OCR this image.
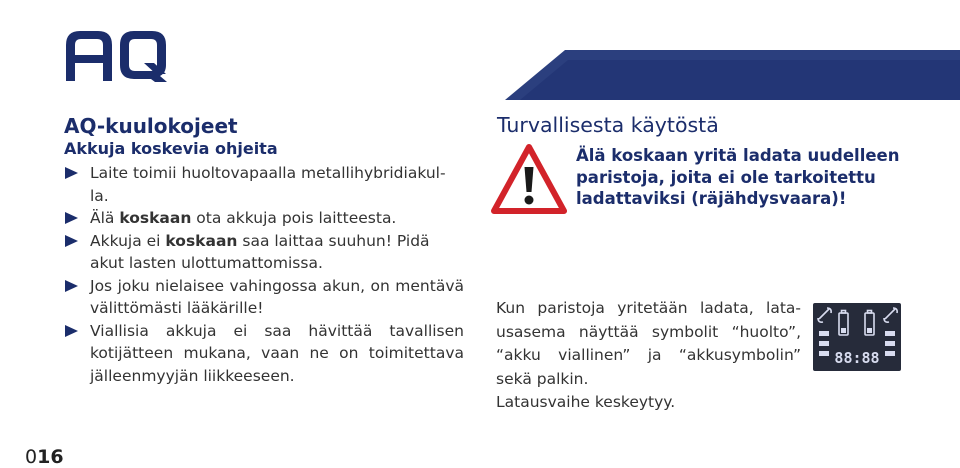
AQ-kuulokojeet
Akkuja koskevia ohjeita
Laite toimii huoltovapaalla metallihybridiakul-
la.
Älä koskaan ota akkuja pois laitteesta.
Akkuja ei koskaan saa laittaa suuhun! Pidä akut lasten ulottumattomissa.
Jos joku nielaisee vahingossa akun, on mentävä välittömästi lääkärille!
Viallisia akkuja ei saa hävittää tavallisen kotijätteen mukana, vaan ne on toimitettava jälleenmyyjän liikkeeseen.
Turvallisesta käytöstä
Älä koskaan yritä ladata uudelleen paristoja, joita ei ole tarkoitettu ladattaviksi (räjähdysvaara)!

Kun paristoja yritetään ladata, lata-

usasema näyttää symbolit “huolto”,

“akku viallinen” ja “akkusymbolin”

sekä palkin.

Latausvaihe keskeytyy.

88:88
016
